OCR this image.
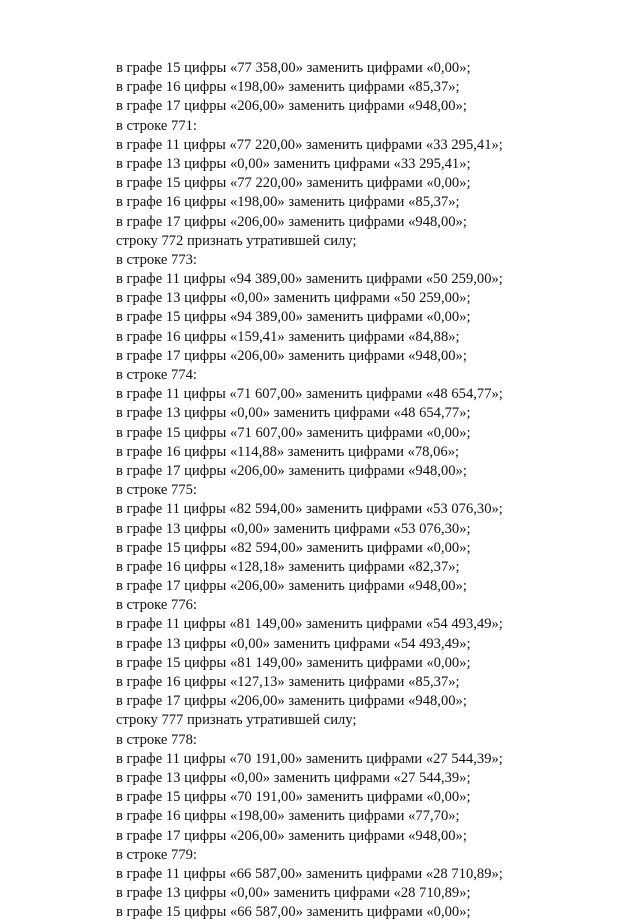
в графе 15 цифры «77 358,00» заменить цифрами «0,00»;
в графе 16 цифры «198,00» заменить цифрами «85,37»;
в графе 17 цифры «206,00» заменить цифрами «948,00»;
в строке 771:
в графе 11 цифры «77 220,00» заменить цифрами «33 295,41»;
в графе 13 цифры «0,00» заменить цифрами «33 295,41»;
в графе 15 цифры «77 220,00» заменить цифрами «0,00»;
в графе 16 цифры «198,00» заменить цифрами «85,37»;
в графе 17 цифры «206,00» заменить цифрами «948,00»;
строку 772 признать утратившей силу;
в строке 773:
в графе 11 цифры «94 389,00» заменить цифрами «50 259,00»;
в графе 13 цифры «0,00» заменить цифрами «50 259,00»;
в графе 15 цифры «94 389,00» заменить цифрами «0,00»;
в графе 16 цифры «159,41» заменить цифрами «84,88»;
в графе 17 цифры «206,00» заменить цифрами «948,00»;
в строке 774:
в графе 11 цифры «71 607,00» заменить цифрами «48 654,77»;
в графе 13 цифры «0,00» заменить цифрами «48 654,77»;
в графе 15 цифры «71 607,00» заменить цифрами «0,00»;
в графе 16 цифры «114,88» заменить цифрами «78,06»;
в графе 17 цифры «206,00» заменить цифрами «948,00»;
в строке 775:
в графе 11 цифры «82 594,00» заменить цифрами «53 076,30»;
в графе 13 цифры «0,00» заменить цифрами «53 076,30»;
в графе 15 цифры «82 594,00» заменить цифрами «0,00»;
в графе 16 цифры «128,18» заменить цифрами «82,37»;
в графе 17 цифры «206,00» заменить цифрами «948,00»;
в строке 776:
в графе 11 цифры «81 149,00» заменить цифрами «54 493,49»;
в графе 13 цифры «0,00» заменить цифрами «54 493,49»;
в графе 15 цифры «81 149,00» заменить цифрами «0,00»;
в графе 16 цифры «127,13» заменить цифрами «85,37»;
в графе 17 цифры «206,00» заменить цифрами «948,00»;
строку 777 признать утратившей силу;
в строке 778:
в графе 11 цифры «70 191,00» заменить цифрами «27 544,39»;
в графе 13 цифры «0,00» заменить цифрами «27 544,39»;
в графе 15 цифры «70 191,00» заменить цифрами «0,00»;
в графе 16 цифры «198,00» заменить цифрами «77,70»;
в графе 17 цифры «206,00» заменить цифрами «948,00»;
в строке 779:
в графе 11 цифры «66 587,00» заменить цифрами «28 710,89»;
в графе 13 цифры «0,00» заменить цифрами «28 710,89»;
в графе 15 цифры «66 587,00» заменить цифрами «0,00»;
